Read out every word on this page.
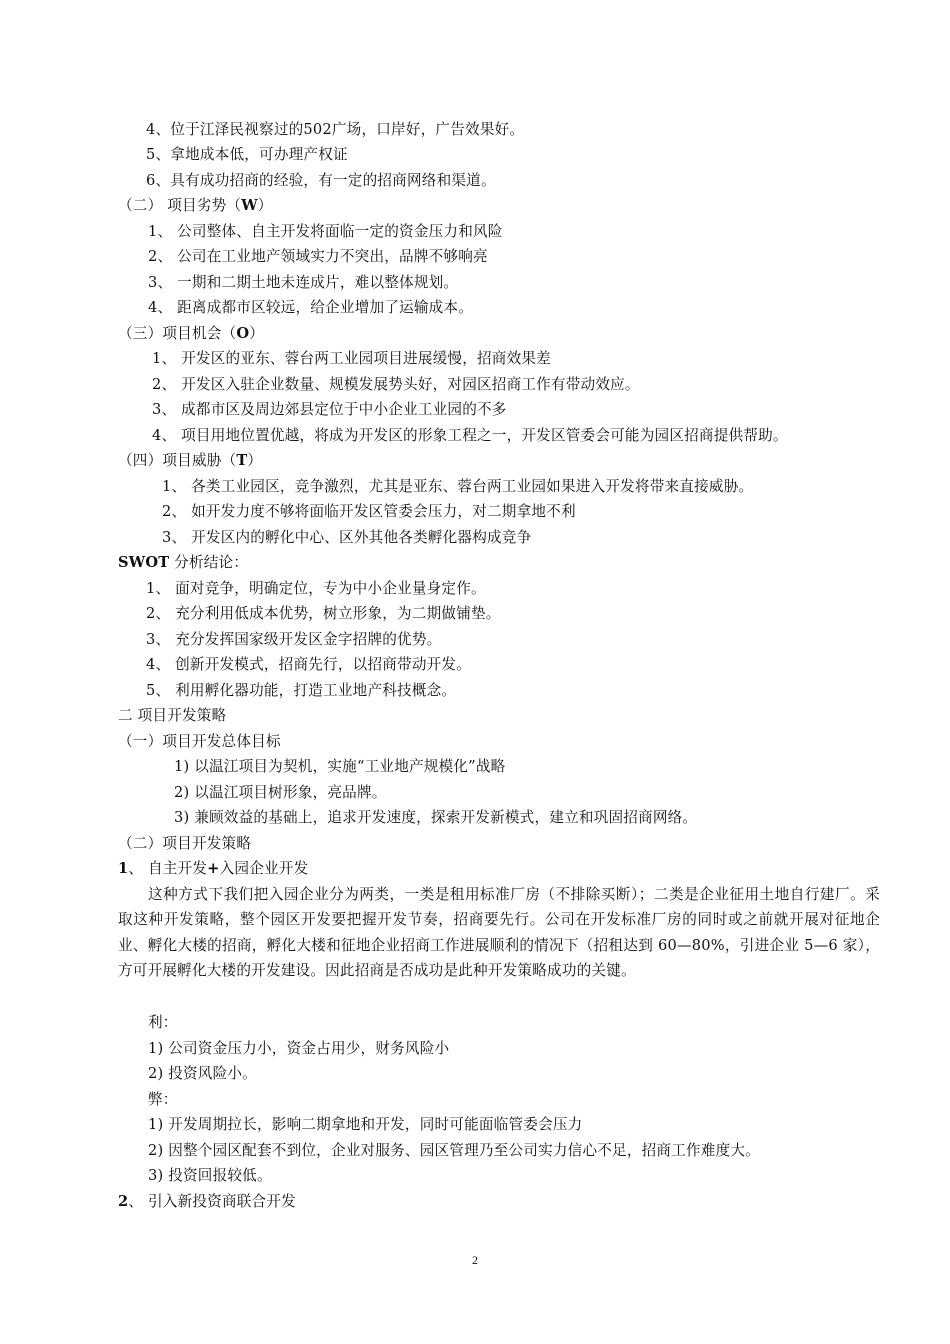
4、位于江泽民视察过的502广场，口岸好，广告效果好。
5、拿地成本低，可办理产权证
6、具有成功招商的经验，有一定的招商网络和渠道。
（二） 项目劣势（W）
1、 公司整体、自主开发将面临一定的资金压力和风险
2、 公司在工业地产领域实力不突出，品牌不够响亮
3、 一期和二期土地未连成片，难以整体规划。
4、 距离成都市区较远，给企业增加了运输成本。
（三）项目机会（O）
1、 开发区的亚东、蓉台两工业园项目进展缓慢，招商效果差
2、 开发区入驻企业数量、规模发展势头好，对园区招商工作有带动效应。
3、 成都市区及周边郊县定位于中小企业工业园的不多
4、 项目用地位置优越，将成为开发区的形象工程之一，开发区管委会可能为园区招商提供帮助。
（四）项目威胁（T）
1、 各类工业园区，竞争激烈，尤其是亚东、蓉台两工业园如果进入开发将带来直接威胁。
2、 如开发力度不够将面临开发区管委会压力，对二期拿地不利
3、 开发区内的孵化中心、区外其他各类孵化器构成竞争
SWOT 分析结论：
1、 面对竞争，明确定位，专为中小企业量身定作。
2、 充分利用低成本优势，树立形象，为二期做铺垫。
3、 充分发挥国家级开发区金字招牌的优势。
4、 创新开发模式，招商先行，以招商带动开发。
5、 利用孵化器功能，打造工业地产科技概念。
二 项目开发策略
（一）项目开发总体目标
1) 以温江项目为契机，实施“工业地产规模化”战略
2) 以温江项目树形象，亮品牌。
3) 兼顾效益的基础上，追求开发速度，探索开发新模式，建立和巩固招商网络。
（二）项目开发策略
1、 自主开发+入园企业开发
这种方式下我们把入园企业分为两类，一类是租用标准厂房（不排除买断）；二类是企业征用土地自行建厂。采取这种开发策略，整个园区开发要把握开发节奏，招商要先行。公司在开发标准厂房的同时或之前就开展对征地企业、孵化大楼的招商，孵化大楼和征地企业招商工作进展顺利的情况下（招租达到 60—80%，引进企业 5—6 家），方可开展孵化大楼的开发建设。因此招商是否成功是此种开发策略成功的关键。
利：
1) 公司资金压力小，资金占用少，财务风险小
2) 投资风险小。
弊：
1) 开发周期拉长，影响二期拿地和开发，同时可能面临管委会压力
2) 因整个园区配套不到位，企业对服务、园区管理乃至公司实力信心不足，招商工作难度大。
3) 投资回报较低。
2、 引入新投资商联合开发
2
